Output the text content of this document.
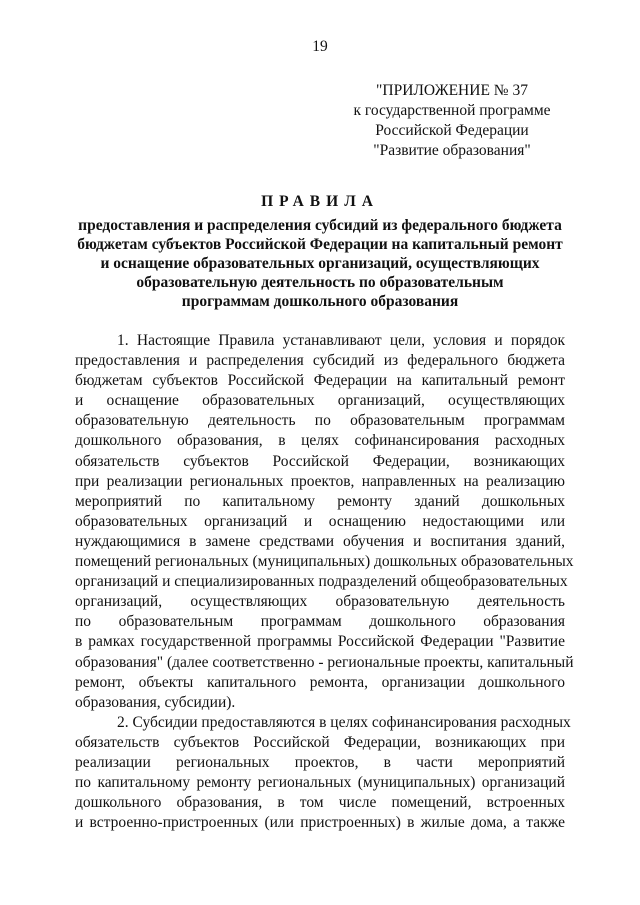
19
"ПРИЛОЖЕНИЕ № 37
к государственной программе
Российской Федерации
"Развитие образования"
ПРАВИЛА
предоставления и распределения субсидий из федерального бюджета
бюджетам субъектов Российской Федерации на капитальный ремонт
и оснащение образовательных организаций, осуществляющих
образовательную деятельность по образовательным
программам дошкольного образования
1. Настоящие Правила устанавливают цели, условия и порядок
предоставления и распределения субсидий из федерального бюджета
бюджетам субъектов Российской Федерации на капитальный ремонт
и оснащение образовательных организаций, осуществляющих
образовательную деятельность по образовательным программам
дошкольного образования, в целях софинансирования расходных
обязательств субъектов Российской Федерации, возникающих
при реализации региональных проектов, направленных на реализацию
мероприятий по капитальному ремонту зданий дошкольных
образовательных организаций и оснащению недостающими или
нуждающимися в замене средствами обучения и воспитания зданий,
помещений региональных (муниципальных) дошкольных образовательных
организаций и специализированных подразделений общеобразовательных
организаций, осуществляющих образовательную деятельность
по образовательным программам дошкольного образования
в рамках государственной программы Российской Федерации "Развитие
образования" (далее соответственно - региональные проекты, капитальный
ремонт, объекты капитального ремонта, организации дошкольного
образования, субсидии).
2. Субсидии предоставляются в целях софинансирования расходных
обязательств субъектов Российской Федерации, возникающих при
реализации региональных проектов, в части мероприятий
по капитальному ремонту региональных (муниципальных) организаций
дошкольного образования, в том числе помещений, встроенных
и встроенно-пристроенных (или пристроенных) в жилые дома, а также
